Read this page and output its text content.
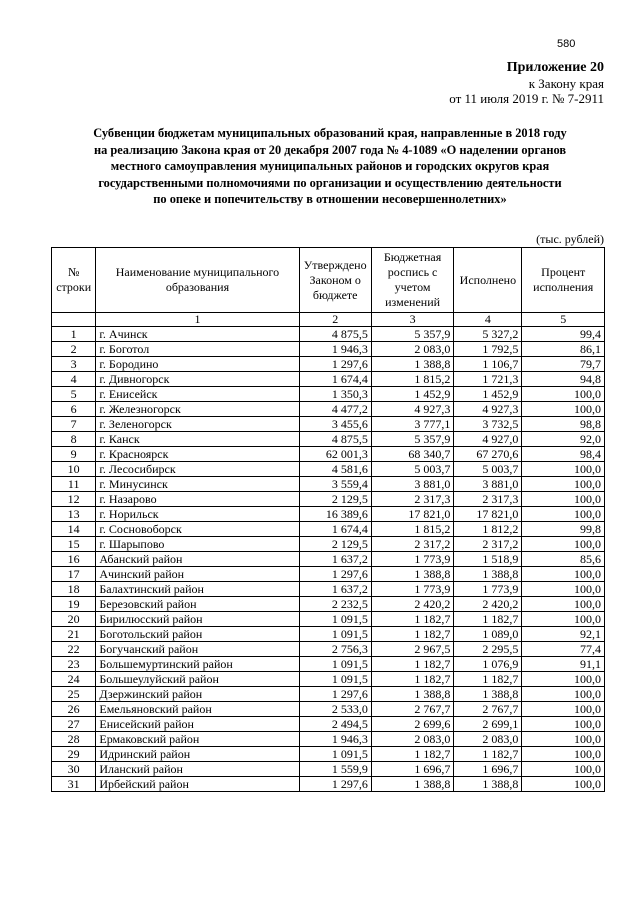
580
Приложение 20
к Закону края
от 11 июля 2019 г. № 7-2911
Субвенции бюджетам муниципальных образований края, направленные в 2018 году
на реализацию Закона края от 20 декабря 2007 года № 4-1089 «О наделении органов
местного самоуправления муниципальных районов и городских округов края
государственными полномочиями по организации и осуществлению деятельности
по опеке и попечительству в отношении несовершеннолетних»
(тыс. рублей)
№ строки	Наименование муниципального образования	Утверждено Законом о бюджете	Бюджетная роспись с учетом изменений	Исполнено	Процент исполнения
	1	2	3	4	5
1	г. Ачинск	4 875,5	5 357,9	5 327,2	99,4
2	г. Боготол	1 946,3	2 083,0	1 792,5	86,1
3	г. Бородино	1 297,6	1 388,8	1 106,7	79,7
4	г. Дивногорск	1 674,4	1 815,2	1 721,3	94,8
5	г. Енисейск	1 350,3	1 452,9	1 452,9	100,0
6	г. Железногорск	4 477,2	4 927,3	4 927,3	100,0
7	г. Зеленогорск	3 455,6	3 777,1	3 732,5	98,8
8	г. Канск	4 875,5	5 357,9	4 927,0	92,0
9	г. Красноярск	62 001,3	68 340,7	67 270,6	98,4
10	г. Лесосибирск	4 581,6	5 003,7	5 003,7	100,0
11	г. Минусинск	3 559,4	3 881,0	3 881,0	100,0
12	г. Назарово	2 129,5	2 317,3	2 317,3	100,0
13	г. Норильск	16 389,6	17 821,0	17 821,0	100,0
14	г. Сосновоборск	1 674,4	1 815,2	1 812,2	99,8
15	г. Шарыпово	2 129,5	2 317,2	2 317,2	100,0
16	Абанский район	1 637,2	1 773,9	1 518,9	85,6
17	Ачинский район	1 297,6	1 388,8	1 388,8	100,0
18	Балахтинский район	1 637,2	1 773,9	1 773,9	100,0
19	Березовский район	2 232,5	2 420,2	2 420,2	100,0
20	Бирилюсский район	1 091,5	1 182,7	1 182,7	100,0
21	Боготольский район	1 091,5	1 182,7	1 089,0	92,1
22	Богучанский район	2 756,3	2 967,5	2 295,5	77,4
23	Большемуртинский район	1 091,5	1 182,7	1 076,9	91,1
24	Большеулуйский район	1 091,5	1 182,7	1 182,7	100,0
25	Дзержинский район	1 297,6	1 388,8	1 388,8	100,0
26	Емельяновский район	2 533,0	2 767,7	2 767,7	100,0
27	Енисейский район	2 494,5	2 699,6	2 699,1	100,0
28	Ермаковский район	1 946,3	2 083,0	2 083,0	100,0
29	Идринский район	1 091,5	1 182,7	1 182,7	100,0
30	Иланский район	1 559,9	1 696,7	1 696,7	100,0
31	Ирбейский район	1 297,6	1 388,8	1 388,8	100,0
